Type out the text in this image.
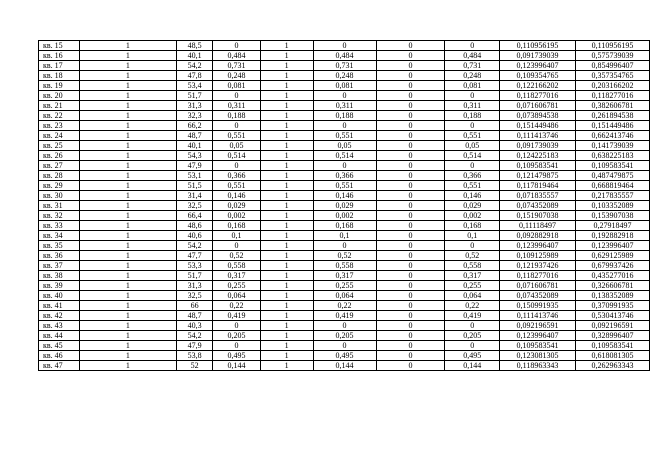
кв. 15	1	48,5	0	1	0	0	0	0,110956195	0,110956195
кв. 16	1	40,1	0,484	1	0,484	0	0,484	0,091739039	0,575739039
кв. 17	1	54,2	0,731	1	0,731	0	0,731	0,123996407	0,854996407
кв. 18	1	47,8	0,248	1	0,248	0	0,248	0,109354765	0,357354765
кв. 19	1	53,4	0,081	1	0,081	0	0,081	0,122166202	0,203166202
кв. 20	1	51,7	0	1	0	0	0	0,118277016	0,118277016
кв. 21	1	31,3	0,311	1	0,311	0	0,311	0,071606781	0,382606781
кв. 22	1	32,3	0,188	1	0,188	0	0,188	0,073894538	0,261894538
кв. 23	1	66,2	0	1	0	0	0	0,151449486	0,151449486
кв. 24	1	48,7	0,551	1	0,551	0	0,551	0,111413746	0,662413746
кв. 25	1	40,1	0,05	1	0,05	0	0,05	0,091739039	0,141739039
кв. 26	1	54,3	0,514	1	0,514	0	0,514	0,124225183	0,638225183
кв. 27	1	47,9	0	1	0	0	0	0,109583541	0,109583541
кв. 28	1	53,1	0,366	1	0,366	0	0,366	0,121479875	0,487479875
кв. 29	1	51,5	0,551	1	0,551	0	0,551	0,117819464	0,668819464
кв. 30	1	31,4	0,146	1	0,146	0	0,146	0,071835557	0,217835557
кв. 31	1	32,5	0,029	1	0,029	0	0,029	0,074352089	0,103352089
кв. 32	1	66,4	0,002	1	0,002	0	0,002	0,151907038	0,153907038
кв. 33	1	48,6	0,168	1	0,168	0	0,168	0,11118497	0,27918497
кв. 34	1	40,6	0,1	1	0,1	0	0,1	0,092882918	0,192882918
кв. 35	1	54,2	0	1	0	0	0	0,123996407	0,123996407
кв. 36	1	47,7	0,52	1	0,52	0	0,52	0,109125989	0,629125989
кв. 37	1	53,3	0,558	1	0,558	0	0,558	0,121937426	0,679937426
кв. 38	1	51,7	0,317	1	0,317	0	0,317	0,118277016	0,435277016
кв. 39	1	31,3	0,255	1	0,255	0	0,255	0,071606781	0,326606781
кв. 40	1	32,5	0,064	1	0,064	0	0,064	0,074352089	0,138352089
кв. 41	1	66	0,22	1	0,22	0	0,22	0,150991935	0,370991935
кв. 42	1	48,7	0,419	1	0,419	0	0,419	0,111413746	0,530413746
кв. 43	1	40,3	0	1	0	0	0	0,092196591	0,092196591
кв. 44	1	54,2	0,205	1	0,205	0	0,205	0,123996407	0,328996407
кв. 45	1	47,9	0	1	0	0	0	0,109583541	0,109583541
кв. 46	1	53,8	0,495	1	0,495	0	0,495	0,123081305	0,618081305
кв. 47	1	52	0,144	1	0,144	0	0,144	0,118963343	0,262963343
